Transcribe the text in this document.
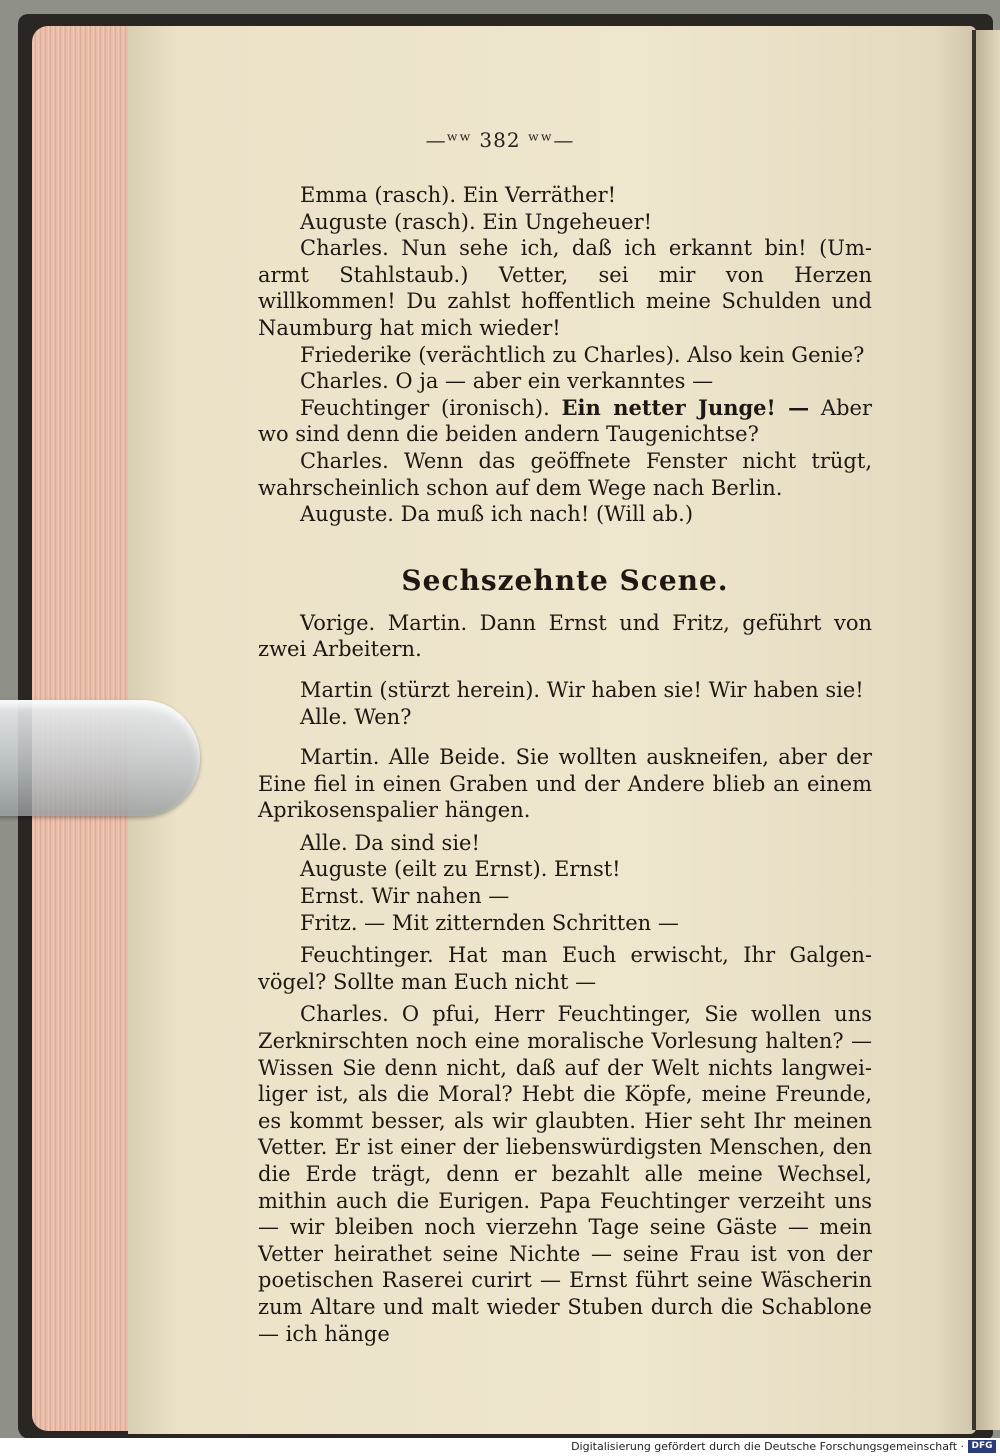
—ʷʷ 382 ʷʷ—

Emma (rasch). Ein Verräther!

Auguste (rasch). Ein Ungeheuer!

Charles. Nun sehe ich, daß ich erkannt bin! (Um-armt Stahlstaub.) Vetter, sei mir von Herzen willkommen! Du zahlst hoffentlich meine Schulden und Naumburg hat mich wieder!

Friederike (verächtlich zu Charles). Also kein Genie?

Charles. O ja — aber ein verkanntes —

Feuchtinger (ironisch). Ein netter Junge! — Aber wo sind denn die beiden andern Taugenichtse?

Charles. Wenn das geöffnete Fenster nicht trügt, wahrscheinlich schon auf dem Wege nach Berlin.

Auguste. Da muß ich nach! (Will ab.)

Sechszehnte Scene.

Vorige. Martin. Dann Ernst und Fritz, geführt von zwei Arbeitern.

Martin (stürzt herein). Wir haben sie! Wir haben sie!

Alle. Wen?

Martin. Alle Beide. Sie wollten auskneifen, aber der Eine fiel in einen Graben und der Andere blieb an einem Aprikosenspalier hängen.

Alle. Da sind sie!

Auguste (eilt zu Ernst). Ernst!

Ernst. Wir nahen —

Fritz. — Mit zitternden Schritten —

Feuchtinger. Hat man Euch erwischt, Ihr Galgen-vögel? Sollte man Euch nicht —

Charles. O pfui, Herr Feuchtinger, Sie wollen uns Zerknirschten noch eine moralische Vorlesung halten? — Wissen Sie denn nicht, daß auf der Welt nichts langwei-liger ist, als die Moral? Hebt die Köpfe, meine Freunde, es kommt besser, als wir glaubten. Hier seht Ihr meinen Vetter. Er ist einer der liebenswürdigsten Menschen, den die Erde trägt, denn er bezahlt alle meine Wechsel, mithin auch die Eurigen. Papa Feuchtinger verzeiht uns — wir bleiben noch vierzehn Tage seine Gäste — mein Vetter heirathet seine Nichte — seine Frau ist von der poetischen Raserei curirt — Ernst führt seine Wäscherin zum Altare und malt wieder Stuben durch die Schablone — ich hänge

Digitalisierung gefördert durch die Deutsche Forschungsgemeinschaft · DFG
